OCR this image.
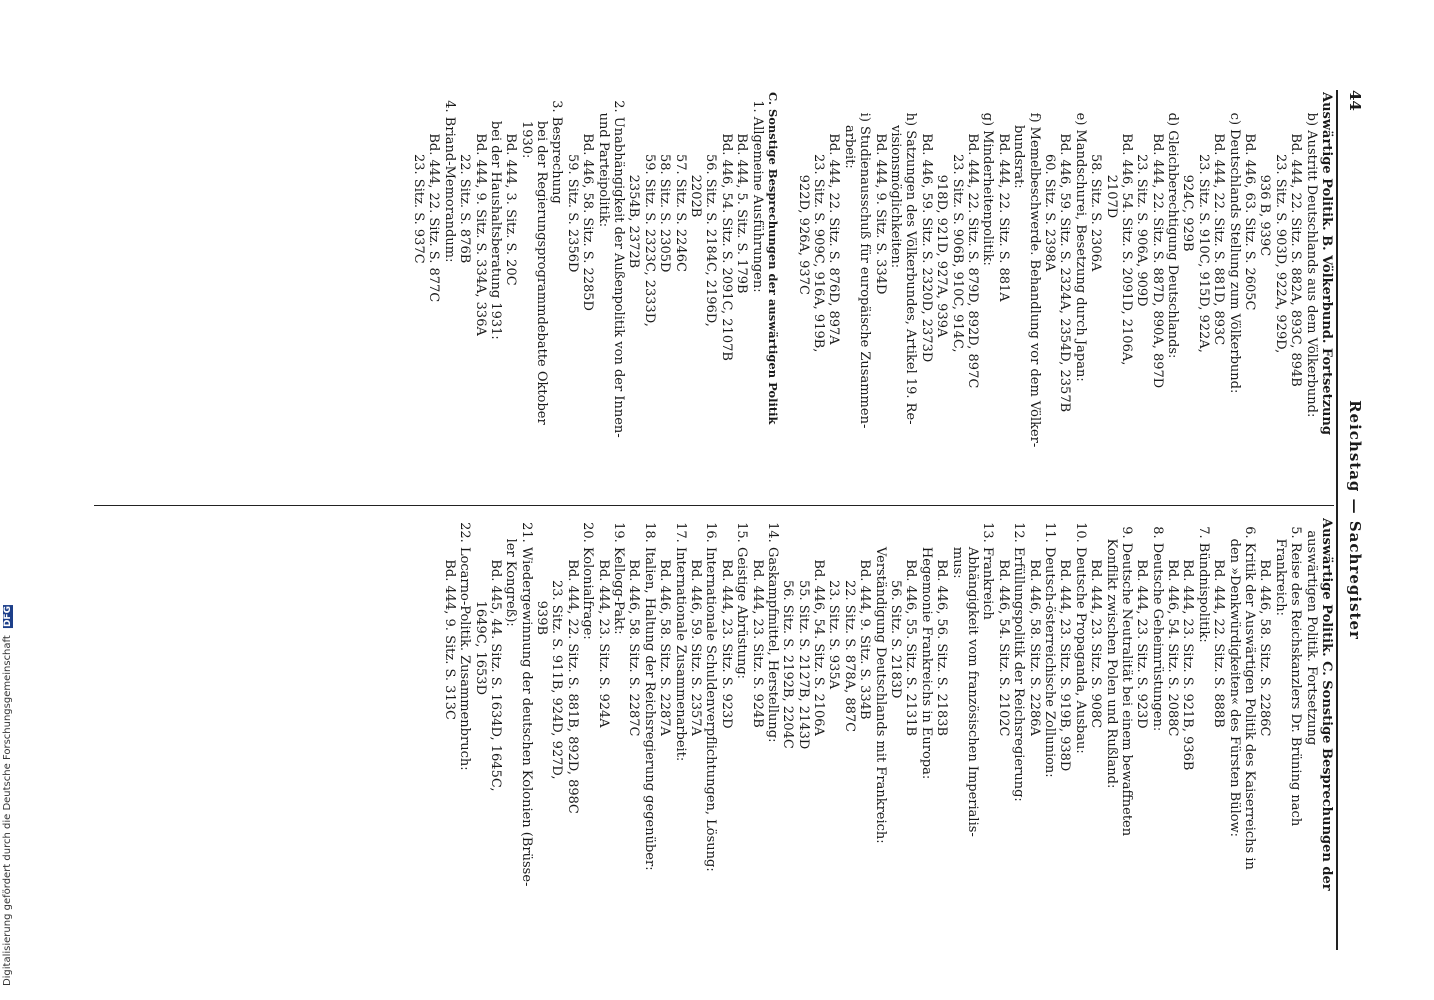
44
Reichstag — Sachregister
Auswärtige Politik. B. Völkerbund. Fortsetzung
b) Austritt Deutschlands aus dem Völkerbund:
Bd. 444, 22. Sitz. S. 882A, 893C, 894B
23. Sitz. S. 903D, 922A, 929D,
936 B, 939C
Bd. 446, 63. Sitz. S. 2605C
c) Deutschlands Stellung zum Völkerbund:
Bd. 444, 22. Sitz. S. 881D, 893C
23. Sitz. S. 910C, 915D, 922A,
924C, 929B
d) Gleichberechtigung Deutschlands:
Bd. 444, 22. Sitz. S. 887D, 890A, 897D
23. Sitz. S. 906A, 909D
Bd. 446, 54. Sitz. S. 2091D, 2106A,
2107D
58. Sitz. S. 2306A
e) Mandschurei, Besetzung durch Japan:
Bd. 446, 59. Sitz. S. 2324A, 2354D, 2357B
60. Sitz. S. 2398A
f) Memelbeschwerde. Behandlung vor dem Völker-
bundsrat:
Bd. 444, 22. Sitz. S. 881A
g) Minderheitenpolitik:
Bd. 444, 22. Sitz. S. 879D, 892D, 897C
23. Sitz. S. 906B, 910C, 914C,
918D, 921D, 927A, 939A
Bd. 446, 59. Sitz. S. 2320D, 2373D
h) Satzungen des Völkerbundes, Artikel 19. Re-
visionsmöglichkeiten:
Bd. 444, 9. Sitz. S. 334D
i) Studienausschuß für europäische Zusammen-
arbeit:
Bd. 444, 22. Sitz. S. 876D, 897A
23. Sitz. S. 909C, 916A, 919B,
922D, 926A, 937C
C. Sonstige Besprechungen der auswärtigen Politik
1. Allgemeine Ausführungen:
Bd. 444, 5. Sitz. S. 179B
Bd. 446, 54. Sitz. S. 2091C, 2107B
56. Sitz. S. 2184C, 2196D,
2202B
57. Sitz. S. 2246C
58. Sitz. S. 2305D
59. Sitz. S. 2323C, 2333D,
2354B, 2372B
2. Unabhängigkeit der Außenpolitik von der Innen-
und Parteipolitik:
Bd. 446, 58. Sitz. S. 2285D
59. Sitz. S. 2356D
3. Besprechung
bei der Regierungsprogrammdebatte Oktober
1930:
Bd. 444, 3. Sitz. S. 20C
bei der Haushaltsberatung 1931:
Bd. 444, 9. Sitz. S. 334A, 336A
22. Sitz. S. 876B
4. Briand-Memorandum:
Bd. 444, 22. Sitz. S. 877C
23. Sitz. S. 937C
Auswärtige Politik. C. Sonstige Besprechungen der
auswärtigen Politik. Fortsetzung
5. Reise des Reichskanzlers Dr. Brüning nach
Frankreich:
Bd. 446, 58. Sitz. S. 2286C
6. Kritik der Auswärtigen Politik des Kaiserreichs in
den »Denkwürdigkeiten« des Fürsten Bülow:
Bd. 444, 22. Sitz. S. 888B
7. Bündnispolitik:
Bd. 444, 23. Sitz. S. 921B, 936B
Bd. 446, 54. Sitz. S. 2088C
8. Deutsche Geheimrüstungen:
Bd. 444, 23. Sitz. S. 923D
9. Deutsche Neutralität bei einem bewaffneten
Konflikt zwischen Polen und Rußland:
Bd. 444, 23. Sitz. S. 908C
10. Deutsche Propaganda, Ausbau:
Bd. 444, 23. Sitz. S. 919B, 938D
11. Deutsch-österreichische Zollunion:
Bd. 446, 58. Sitz. S. 2286A
12. Erfüllungspolitik der Reichsregierung:
Bd. 446, 54. Sitz. S. 2102C
13. Frankreich
Abhängigkeit vom französischen Imperialis-
mus:
Bd. 446, 56. Sitz. S. 2183B
Hegemonie Frankreichs in Europa:
Bd. 446, 55. Sitz. S. 2131B
56. Sitz. S. 2183D
Verständigung Deutschlands mit Frankreich:
Bd. 444, 9. Sitz. S. 334B
22. Sitz. S. 878A, 887C
23. Sitz. S. 935A
Bd. 446, 54. Sitz. S. 2106A
55. Sitz. S. 2127B, 2143D
56. Sitz. S. 2192B, 2204C
14. Gaskampfmittel, Herstellung:
Bd. 444, 23. Sitz. S. 924B
15. Geistige Abrüstung:
Bd. 444, 23. Sitz. S. 923D
16. Internationale Schuldenverpflichtungen, Lösung:
Bd. 446, 59. Sitz. S. 2357A
17. Internationale Zusammenarbeit:
Bd. 446, 58. Sitz. S. 2287A
18. Italien, Haltung der Reichsregierung gegenüber:
Bd. 446, 58. Sitz. S. 2287C
19. Kellogg-Pakt:
Bd. 444, 23. Sitz. S. 924A
20. Kolonialfrage:
Bd. 444, 22. Sitz. S. 881B, 892D, 898C
23. Sitz. S. 911B, 924D, 927D,
939B
21. Wiedergewinnung der deutschen Kolonien (Brüsse-
ler Kongreß):
Bd. 445, 44. Sitz. S. 1634D, 1645C,
1649C, 1653D
22. Locarno-Politik. Zusammenbruch:
Bd. 444, 9. Sitz. S. 313C
Digitalisierung gefördert durch die Deutsche Forschungsgemeinschaft DFG
